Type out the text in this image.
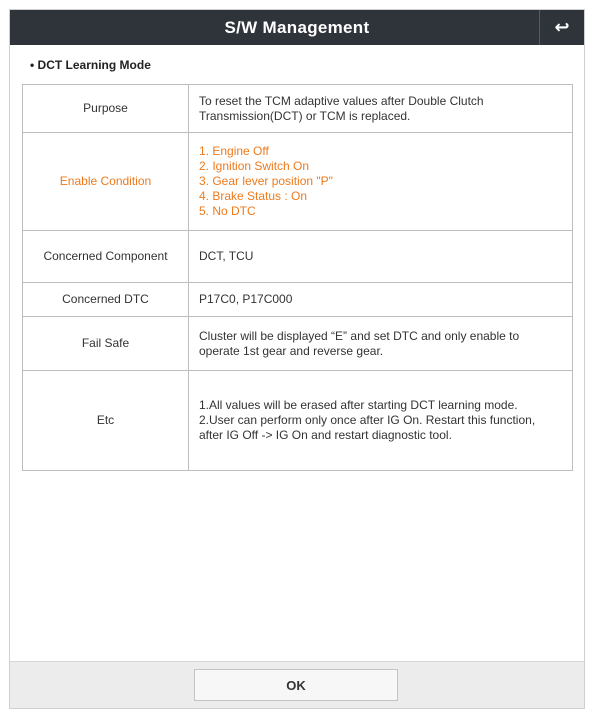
S/W Management	↩
• DCT Learning Mode
Purpose	To reset the TCM adaptive values after Double Clutch Transmission(DCT) or TCM is replaced.

Enable Condition	1. Engine Off
2. Ignition Switch On
3. Gear lever position "P"
4. Brake Status : On
5. No DTC

Concerned Component	DCT, TCU

Concerned DTC	P17C0, P17C000

Fail Safe	Cluster will be displayed “E” and set DTC and only enable to operate 1st gear and reverse gear.

Etc	1.All values will be erased after starting DCT learning mode.
2.User can perform only once after IG On. Restart this function, after IG Off -> IG On and restart diagnostic tool.
OK
